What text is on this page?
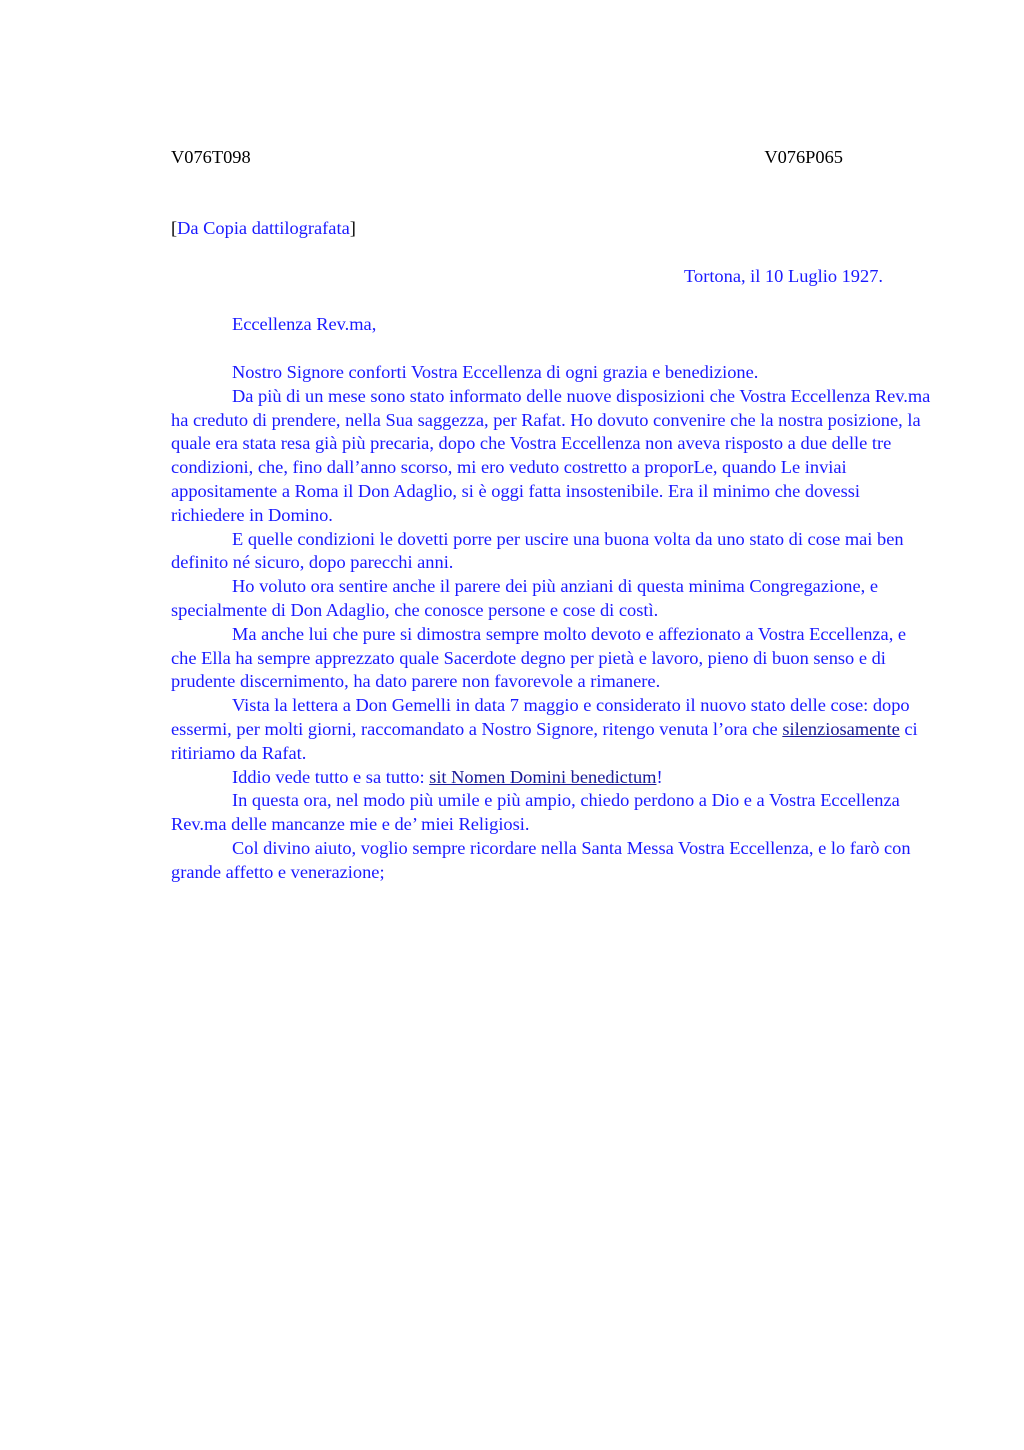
V076T098	V076P065
[Da Copia dattilografata]
Tortona, il 10 Luglio 1927.
Eccellenza Rev.ma,

Nostro Signore conforti Vostra Eccellenza di ogni grazia e benedizione.

Da più di un mese sono stato informato delle nuove disposizioni che Vostra Eccellenza Rev.ma ha creduto di prendere, nella Sua saggezza, per Rafat. Ho dovuto convenire che la nostra posizione, la quale era stata resa già più precaria, dopo che Vostra Eccellenza non aveva risposto a due delle tre condizioni, che, fino dall’anno scorso, mi ero veduto costretto a proporLe, quando Le inviai appositamente a Roma il Don Adaglio, si è oggi fatta insostenibile. Era il minimo che dovessi richiedere in Domino.

E quelle condizioni le dovetti porre per uscire una buona volta da uno stato di cose mai ben definito né sicuro, dopo parecchi anni.

Ho voluto ora sentire anche il parere dei più anziani di questa minima Congregazione, e specialmente di Don Adaglio, che conosce persone e cose di costì.

Ma anche lui che pure si dimostra sempre molto devoto e affezionato a Vostra Eccellenza, e che Ella ha sempre apprezzato quale Sacerdote degno per pietà e lavoro, pieno di buon senso e di prudente discernimento, ha dato parere non favorevole a rimanere.

Vista la lettera a Don Gemelli in data 7 maggio e considerato il nuovo stato delle cose: dopo essermi, per molti giorni, raccomandato a Nostro Signore, ritengo venuta l’ora che silenziosamente ci ritiriamo da Rafat.

Iddio vede tutto e sa tutto: sit Nomen Domini benedictum!

In questa ora, nel modo più umile e più ampio, chiedo perdono a Dio e a Vostra Eccellenza Rev.ma delle mancanze mie e de’ miei Religiosi.

Col divino aiuto, voglio sempre ricordare nella Santa Messa Vostra Eccellenza, e lo farò con grande affetto e venerazione;
